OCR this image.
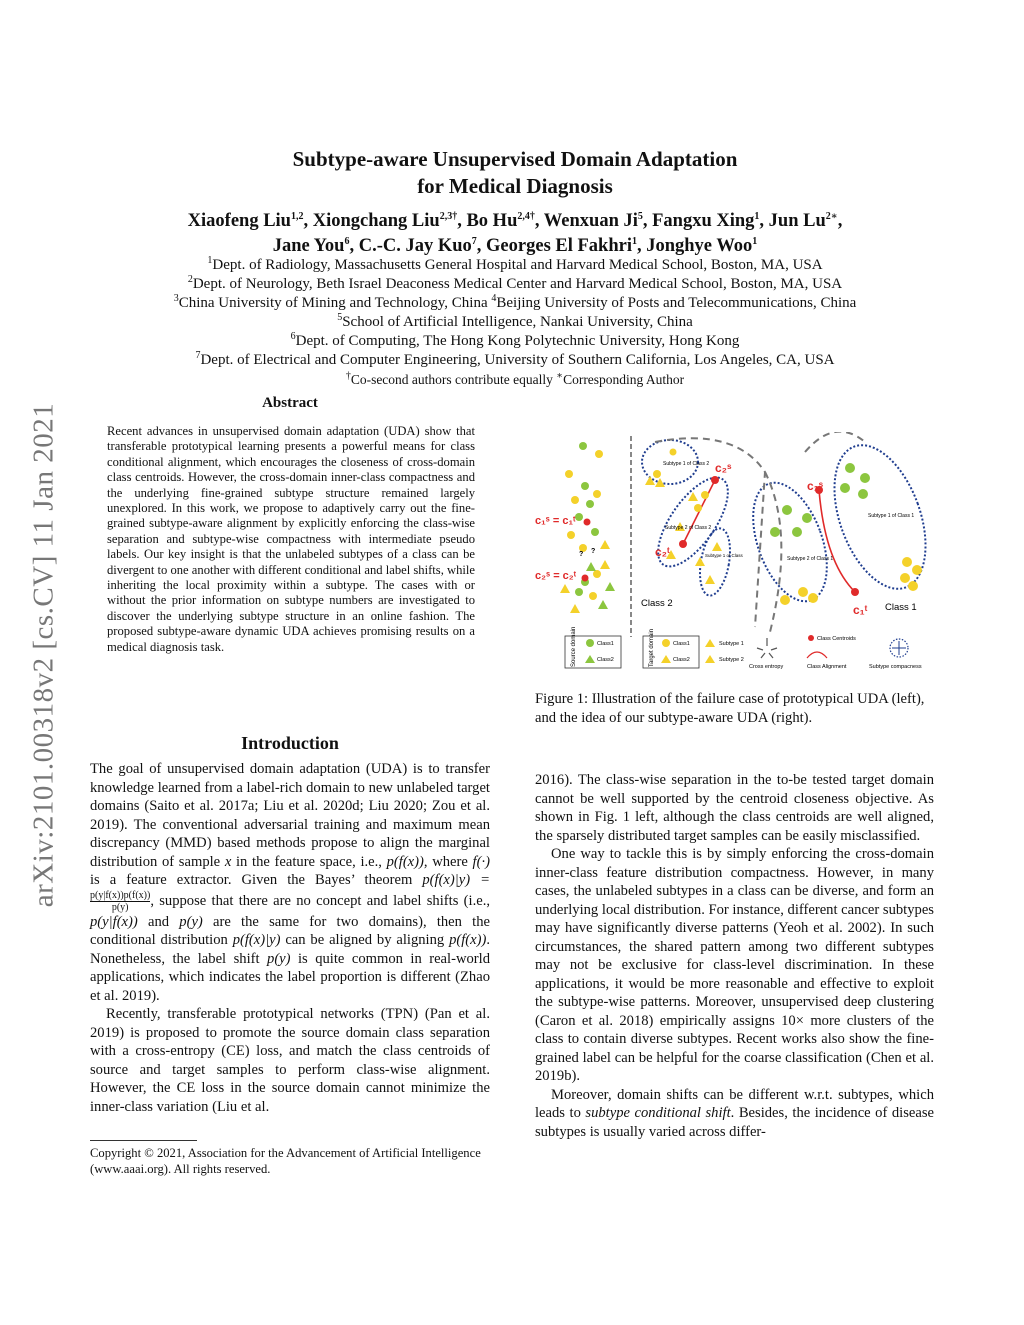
arXiv:2101.00318v2 [cs.CV] 11 Jan 2021
Subtype-aware Unsupervised Domain Adaptation
for Medical Diagnosis
Xiaofeng Liu$^{1,2}$, Xiongchang Liu$^{2,3\dagger}$, Bo $Hu^{2,4\dagger}$, Wenxuan Ji$^5$, Fangxu Xing$^1$, Jun $Lu^{2∗}$,
Jane You$^6$, C.-C. Jay Kuo$^7$, Georges El Fakhri$^1$, Jonghye Woo$^1$
$^1$Dept. of Radiology, Massachusetts General Hospital and Harvard Medical School, Boston, MA, USA
$^2$Dept. of Neurology, Beth Israel Deaconess Medical Center and Harvard Medical School, Boston, MA, USA
$^3$China University of Mining and Technology, China $^4$Beijing University of Posts and Telecommunications, China
$^5$School of Artificial Intelligence, Nankai University, China
$^6$Dept. of Computing, The Hong Kong Polytechnic University, Hong Kong
$^7$Dept. of Electrical and Computer Engineering, University of Southern California, Los Angeles, CA, USA
†Co-second authors contribute equally ∗Corresponding Author
Abstract
Recent advances in unsupervised domain adaptation (UDA) show that transferable prototypical learning presents a powerful means for class conditional alignment, which encourages the closeness of cross-domain class centroids. However, the cross-domain inner-class compactness and the underlying fine-grained subtype structure remained largely unexplored. In this work, we propose to adaptively carry out the fine-grained subtype-aware alignment by explicitly enforcing the class-wise separation and subtype-wise compactness with intermediate pseudo labels. Our key insight is that the unlabeled subtypes of a class can be divergent to one another with different conditional and label shifts, while inheriting the local proximity within a subtype. The cases with or without the prior information on subtype numbers are investigated to discover the underlying subtype structure in an online fashion. The proposed subtype-aware dynamic UDA achieves promising results on a medical diagnosis task.
Introduction

The goal of unsupervised domain adaptation (UDA) is to transfer knowledge learned from a label-rich domain to new unlabeled target domains (Saito et al. 2017a; Liu et al. 2020d; Liu 2020; Zou et al. 2019). The conventional adversarial training and maximum mean discrepancy (MMD) based methods propose to align the marginal distribution of sample x in the feature space, i.e., p(f(x)), where f(·) is a feature extractor. Given the Bayes’ theorem p(f(x)|y) =
$\frac{p(y|f(x))p(f(x))}{p(y)}$ , suppose that there are no concept and label shifts (i.e., p(y|f(x)) and p(y) are the same for two domains), then the conditional distribution p(f(x)|y) can be aligned by aligning p(f(x)). Nonetheless, the label shift p(y) is quite common in real-world applications, which indicates the label proportion is different (Zhao et al. 2019).

Recently, transferable prototypical networks (TPN) (Pan et al. 2019) is proposed to promote the source domain class separation with a cross-entropy (CE) loss, and match the class centroids of source and target samples to perform class-wise alignment. However, the CE loss in the source domain cannot minimize the inner-class variation (Liu et al.

Copyright © 2021, Association for the Advancement of Artificial Intelligence (www.aaai.org). All rights reserved.
?
?
c₁ˢ = c₁ᵗ
c₂ˢ = c₂ᵗ
c₂ˢ
c₁ˢ
c₂ᵗ
c₁ᵗ
Class 2	Class 1
Subtype 1 of Class 2
Subtype 2 of Class 2
Subtype 1 of Class
Subtype 1 of Class 1
Subtype 2 of Class 1
Source domain	Target domain
Class1
Class2
Class1
Class2
Subtype 1
Subtype 2
Cross entropy
Class Centroids
Class Alignment	Subtype compacness
Figure 1: Illustration of the failure case of prototypical UDA (left), and the idea of our subtype-aware UDA (right).

2016). The class-wise separation in the to-be tested target domain cannot be well supported by the centroid closeness objective. As shown in Fig. 1 left, although the class centroids are well aligned, the sparsely distributed target samples can be easily misclassified.

One way to tackle this is by simply enforcing the cross-domain inner-class feature distribution compactness. However, in many cases, the unlabeled subtypes in a class can be diverse, and form an underlying local distribution. For instance, different cancer subtypes may have significantly diverse patterns (Yeoh et al. 2002). In such circumstances, the shared pattern among two different subtypes may not be exclusive for class-level discrimination. In these applications, it would be more reasonable and effective to exploit the subtype-wise patterns. Moreover, unsupervised deep clustering (Caron et al. 2018) empirically assigns 10× more clusters of the class to contain diverse subtypes. Recent works also show the fine-grained label can be helpful for the coarse classification (Chen et al. 2019b).

Moreover, domain shifts can be different w.r.t. subtypes, which leads to subtype conditional shift. Besides, the incidence of disease subtypes is usually varied across differ-
